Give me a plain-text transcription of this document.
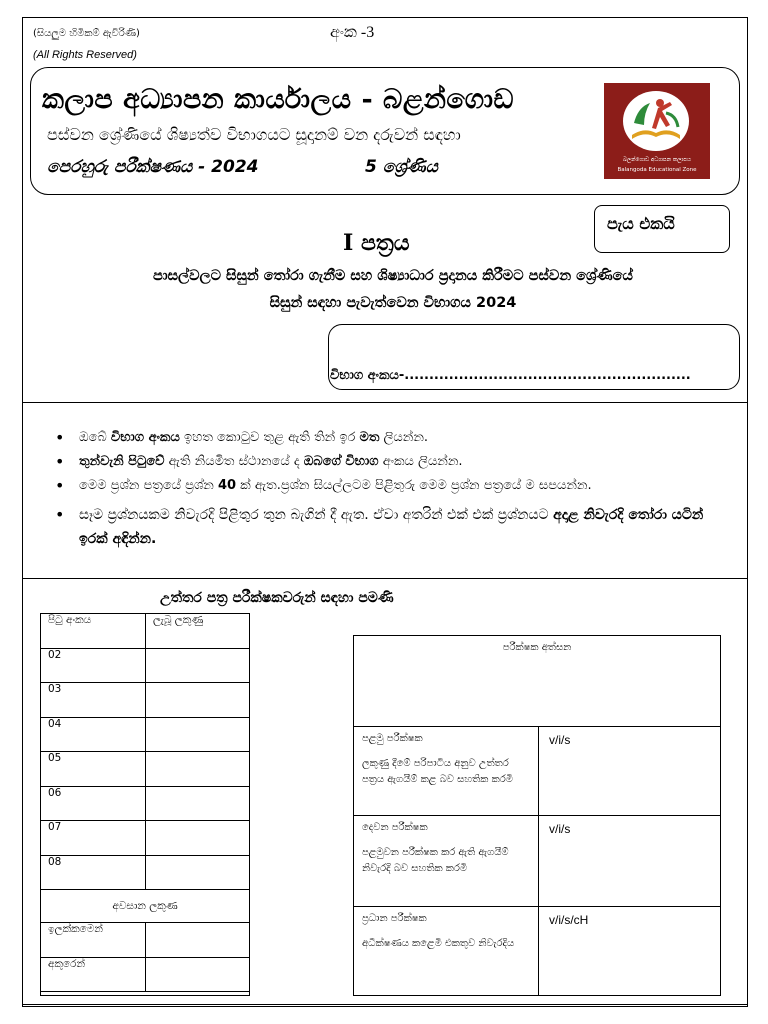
(සියලුම හිමිකම් ඇවිරිණි)
(All Rights Reserved)
අංක -3
කලාප අධ්‍යාපන කාර්යාලය - බළන්ගොඩ
පස්වන ශ්‍රේණියේ ශිෂ්‍යත්ව විභාගයට සූදානම් වන දරුවන් සඳහා
පෙරහුරු පරීක්ෂණය - 2024	5 ශ්‍රේණිය	බලන්ගොඩ අධ්‍යාපන කලාපය
Balangoda Educational Zone
පැය එකයි
I පත්‍රය
පාසල්වලට සිසුන් තෝරා ගැනීම සහ ශිෂ්‍යාධාර ප්‍රදානය කිරීමට පස්වන ශ්‍රේණියේ
සිසුන් සඳහා පැවැත්වෙන විභාගය 2024
විභාග අංකය-..........................................................
• ඔබේ විභාග අංකය ඉහත කොටුව තුළ ඇති තින් ඉර මත ලියන්න.
• තුන්වැනි පිටුවේ ඇති නියමිත ස්ථානයේ ද ඔබගේ විභාග අංකය ලියන්න.
• මෙම ප්‍රශ්න පත්‍රයේ ප්‍රශ්න 40 ක් ඇත.ප්‍රශ්න සියල්ලටම පිළිතුරු මෙම ප්‍රශ්න පත්‍රයේ ම සපයන්න.
• සෑම ප්‍රශ්නයකම නිවැරදි පිළිතුර තුන බැගින් දී ඇත. ඒවා අතරින් එක් එක් ප්‍රශ්නයට අදාළ නිවැරදි තෝරා යටින් ඉරක් අඳින්න.
උත්තර පත්‍ර පරීක්ෂකවරුන් සඳහා පමණි
පිටු අංකය	ලැබූ ලකුණු
02	
03	
04	
05	
06	
07	
08	
අවසාන ලකුණ	
ඉලක්කමෙන්	
අකුරෙන්	
පරීක්ෂක අත්සන	

පළමු පරීක්ෂක
ලකුණු දීමේ පරිපාටිය අනුව උත්තර පත්‍රය ඇගයීම් කළ බව සහතික කරමි	v/i/s

දෙවන පරීක්ෂක
පළමුවන පරීක්ෂක කර ඇති ඇගයීම් නිවැරදි බව සහතික කරමි	v/i/s

ප්‍රධාන පරීක්ෂක
අධීක්ෂණය කළෙමි එකතුව නිවැරදිය	v/i/s/cH
